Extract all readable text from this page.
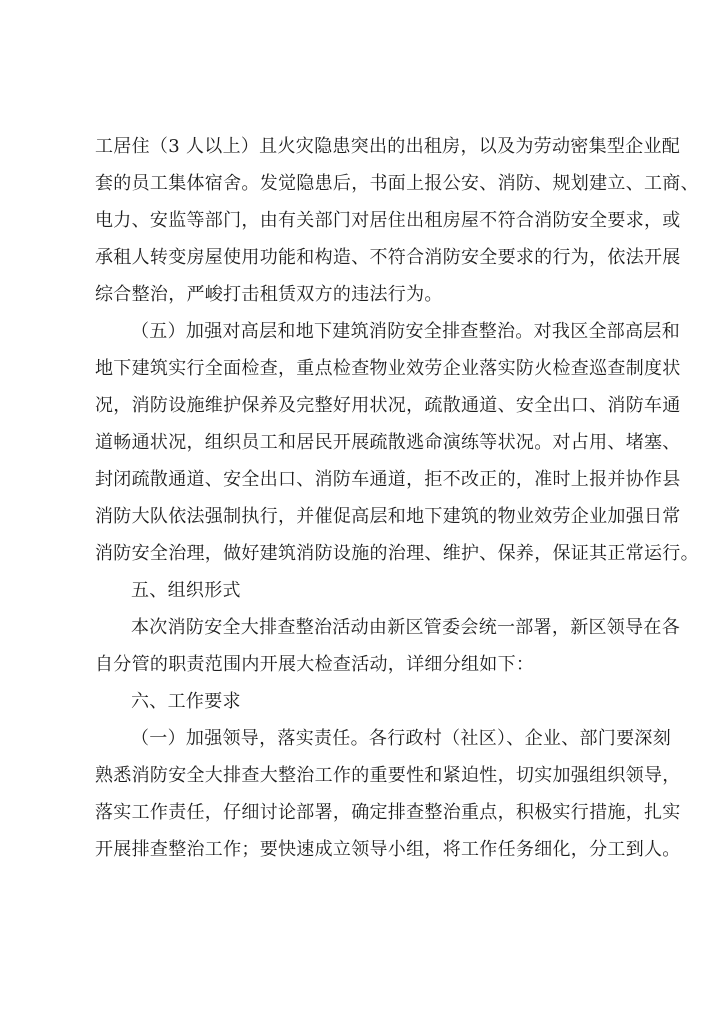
工居住（3 人以上）且火灾隐患突出的出租房，以及为劳动密集型企业配
套的员工集体宿舍。发觉隐患后，书面上报公安、消防、规划建立、工商、
电力、安监等部门，由有关部门对居住出租房屋不符合消防安全要求，或
承租人转变房屋使用功能和构造、不符合消防安全要求的行为，依法开展
综合整治，严峻打击租赁双方的违法行为。
（五）加强对高层和地下建筑消防安全排查整治。对我区全部高层和
地下建筑实行全面检查，重点检查物业效劳企业落实防火检查巡查制度状
况，消防设施维护保养及完整好用状况，疏散通道、安全出口、消防车通
道畅通状况，组织员工和居民开展疏散逃命演练等状况。对占用、堵塞、
封闭疏散通道、安全出口、消防车通道，拒不改正的，准时上报并协作县
消防大队依法强制执行，并催促高层和地下建筑的物业效劳企业加强日常
消防安全治理，做好建筑消防设施的治理、维护、保养，保证其正常运行。
五、组织形式
本次消防安全大排查整治活动由新区管委会统一部署，新区领导在各
自分管的职责范围内开展大检查活动，详细分组如下：
六、工作要求
（一）加强领导，落实责任。各行政村（社区）、企业、部门要深刻
熟悉消防安全大排查大整治工作的重要性和紧迫性，切实加强组织领导，
落实工作责任，仔细讨论部署，确定排查整治重点，积极实行措施，扎实
开展排查整治工作；要快速成立领导小组，将工作任务细化，分工到人。
